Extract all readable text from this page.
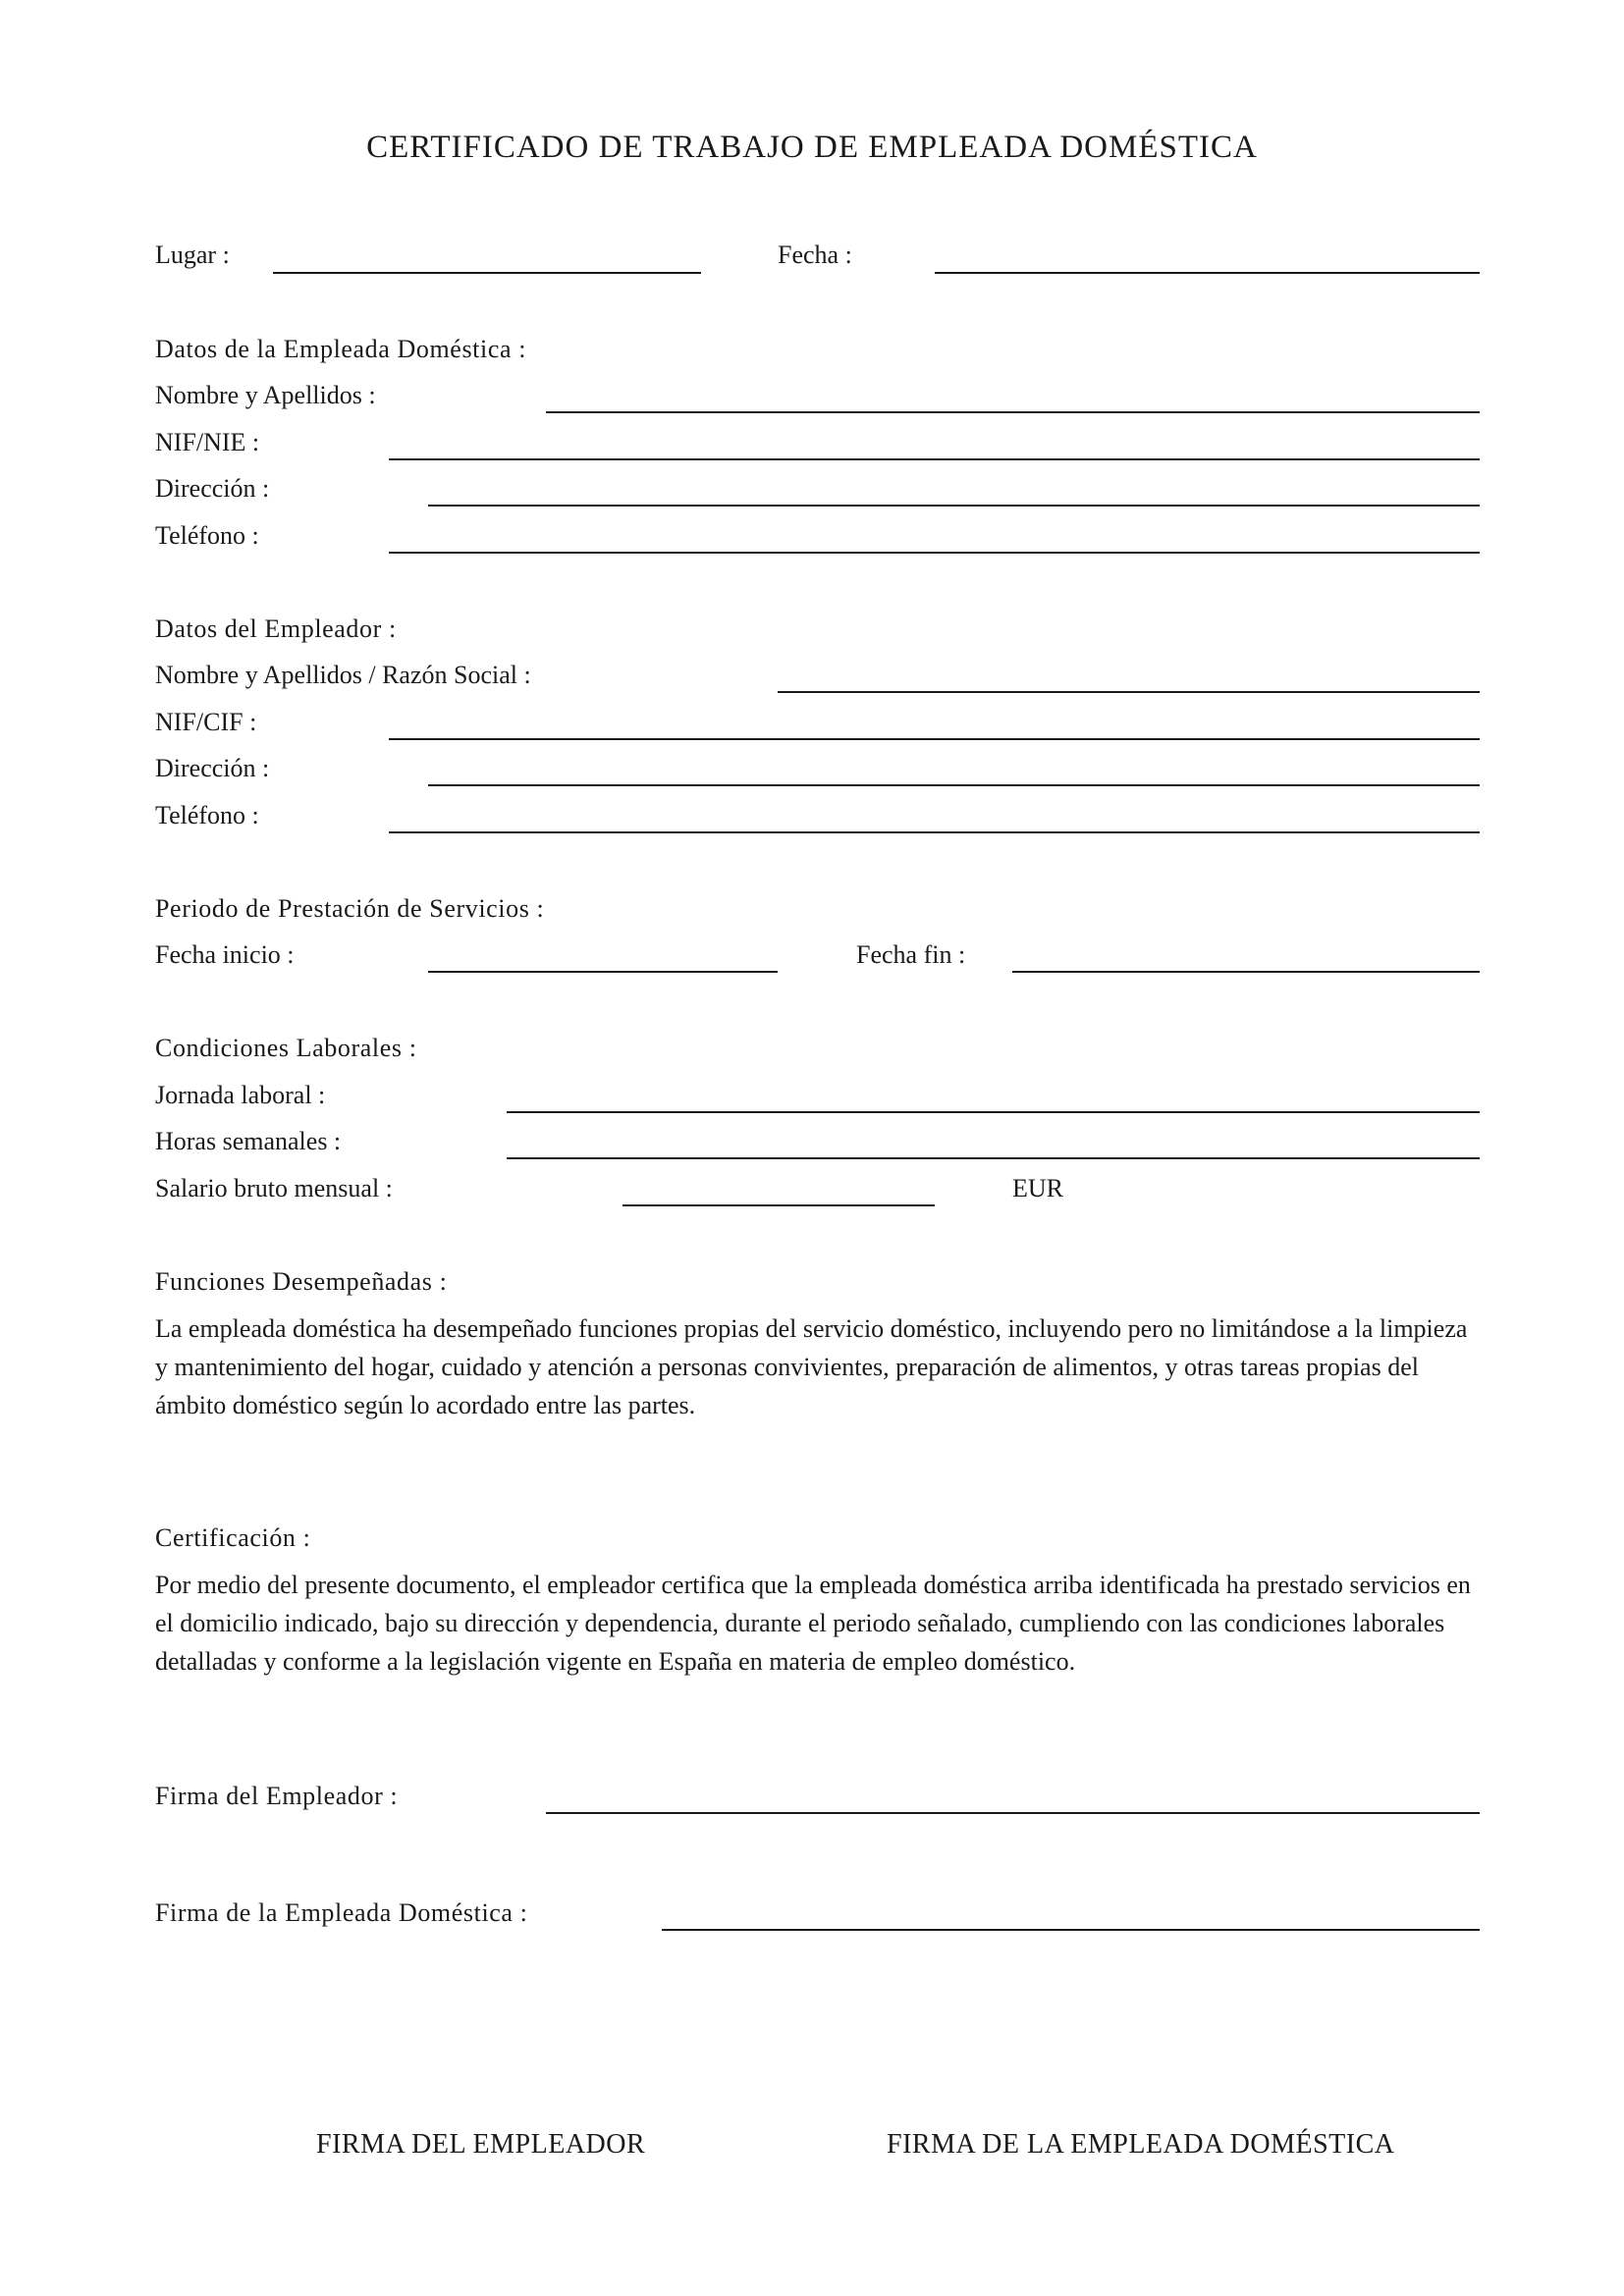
CERTIFICADO DE TRABAJO DE EMPLEADA DOMÉSTICA
Lugar :	Fecha :
Datos de la Empleada Doméstica :
Nombre y Apellidos :
NIF/NIE :
Dirección :
Teléfono :
Datos del Empleador :
Nombre y Apellidos / Razón Social :
NIF/CIF :
Dirección :
Teléfono :
Periodo de Prestación de Servicios :
Fecha inicio :	Fecha fin :
Condiciones Laborales :
Jornada laboral :
Horas semanales :
Salario bruto mensual :	EUR
Funciones Desempeñadas :
La empleada doméstica ha desempeñado funciones propias del servicio doméstico, incluyendo pero no limitándose a la limpieza y mantenimiento del hogar, cuidado y atención a personas convivientes, preparación de alimentos, y otras tareas propias del ámbito doméstico según lo acordado entre las partes.
Certificación :
Por medio del presente documento, el empleador certifica que la empleada doméstica arriba identificada ha prestado servicios en el domicilio indicado, bajo su dirección y dependencia, durante el periodo señalado, cumpliendo con las condiciones laborales detalladas y conforme a la legislación vigente en España en materia de empleo doméstico.
Firma del Empleador :
Firma de la Empleada Doméstica :
FIRMA DEL EMPLEADOR	FIRMA DE LA EMPLEADA DOMÉSTICA
